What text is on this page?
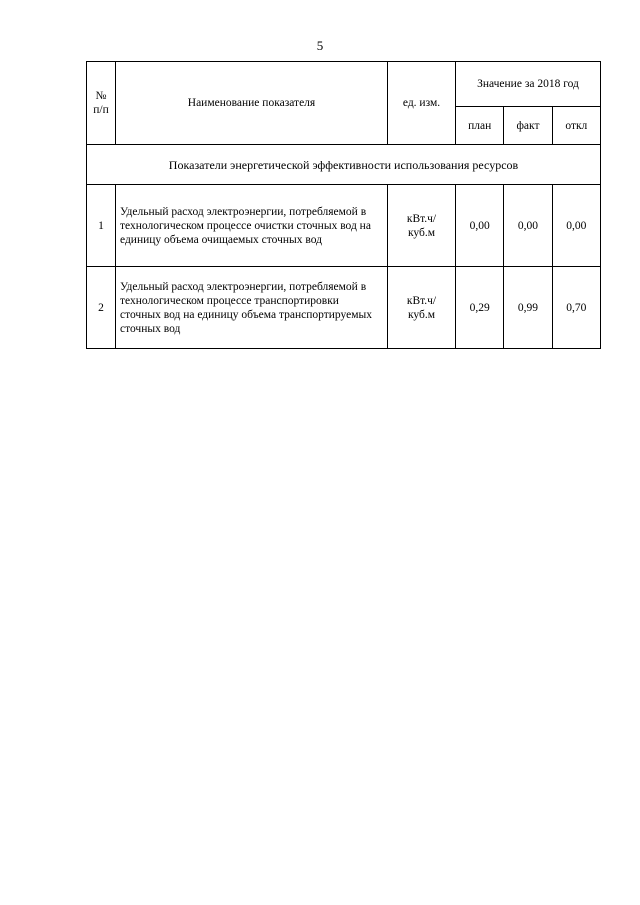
5
№
п/п	Наименование показателя	ед. изм.	Значение за 2018 год		

			план	факт	откл

Показатели энергетической эффективности использования ресурсов					

1	Удельный расход электроэнергии, потребляемой в технологическом процессе очистки сточных вод на единицу объема очищаемых сточных вод	кВт.ч/ куб.м	0,00	0,00	0,00

2	Удельный расход электроэнергии, потребляемой в технологическом процессе транспортировки сточных вод на единицу объема транспортируемых сточных вод	кВт.ч/ куб.м	0,29	0,99	0,70
